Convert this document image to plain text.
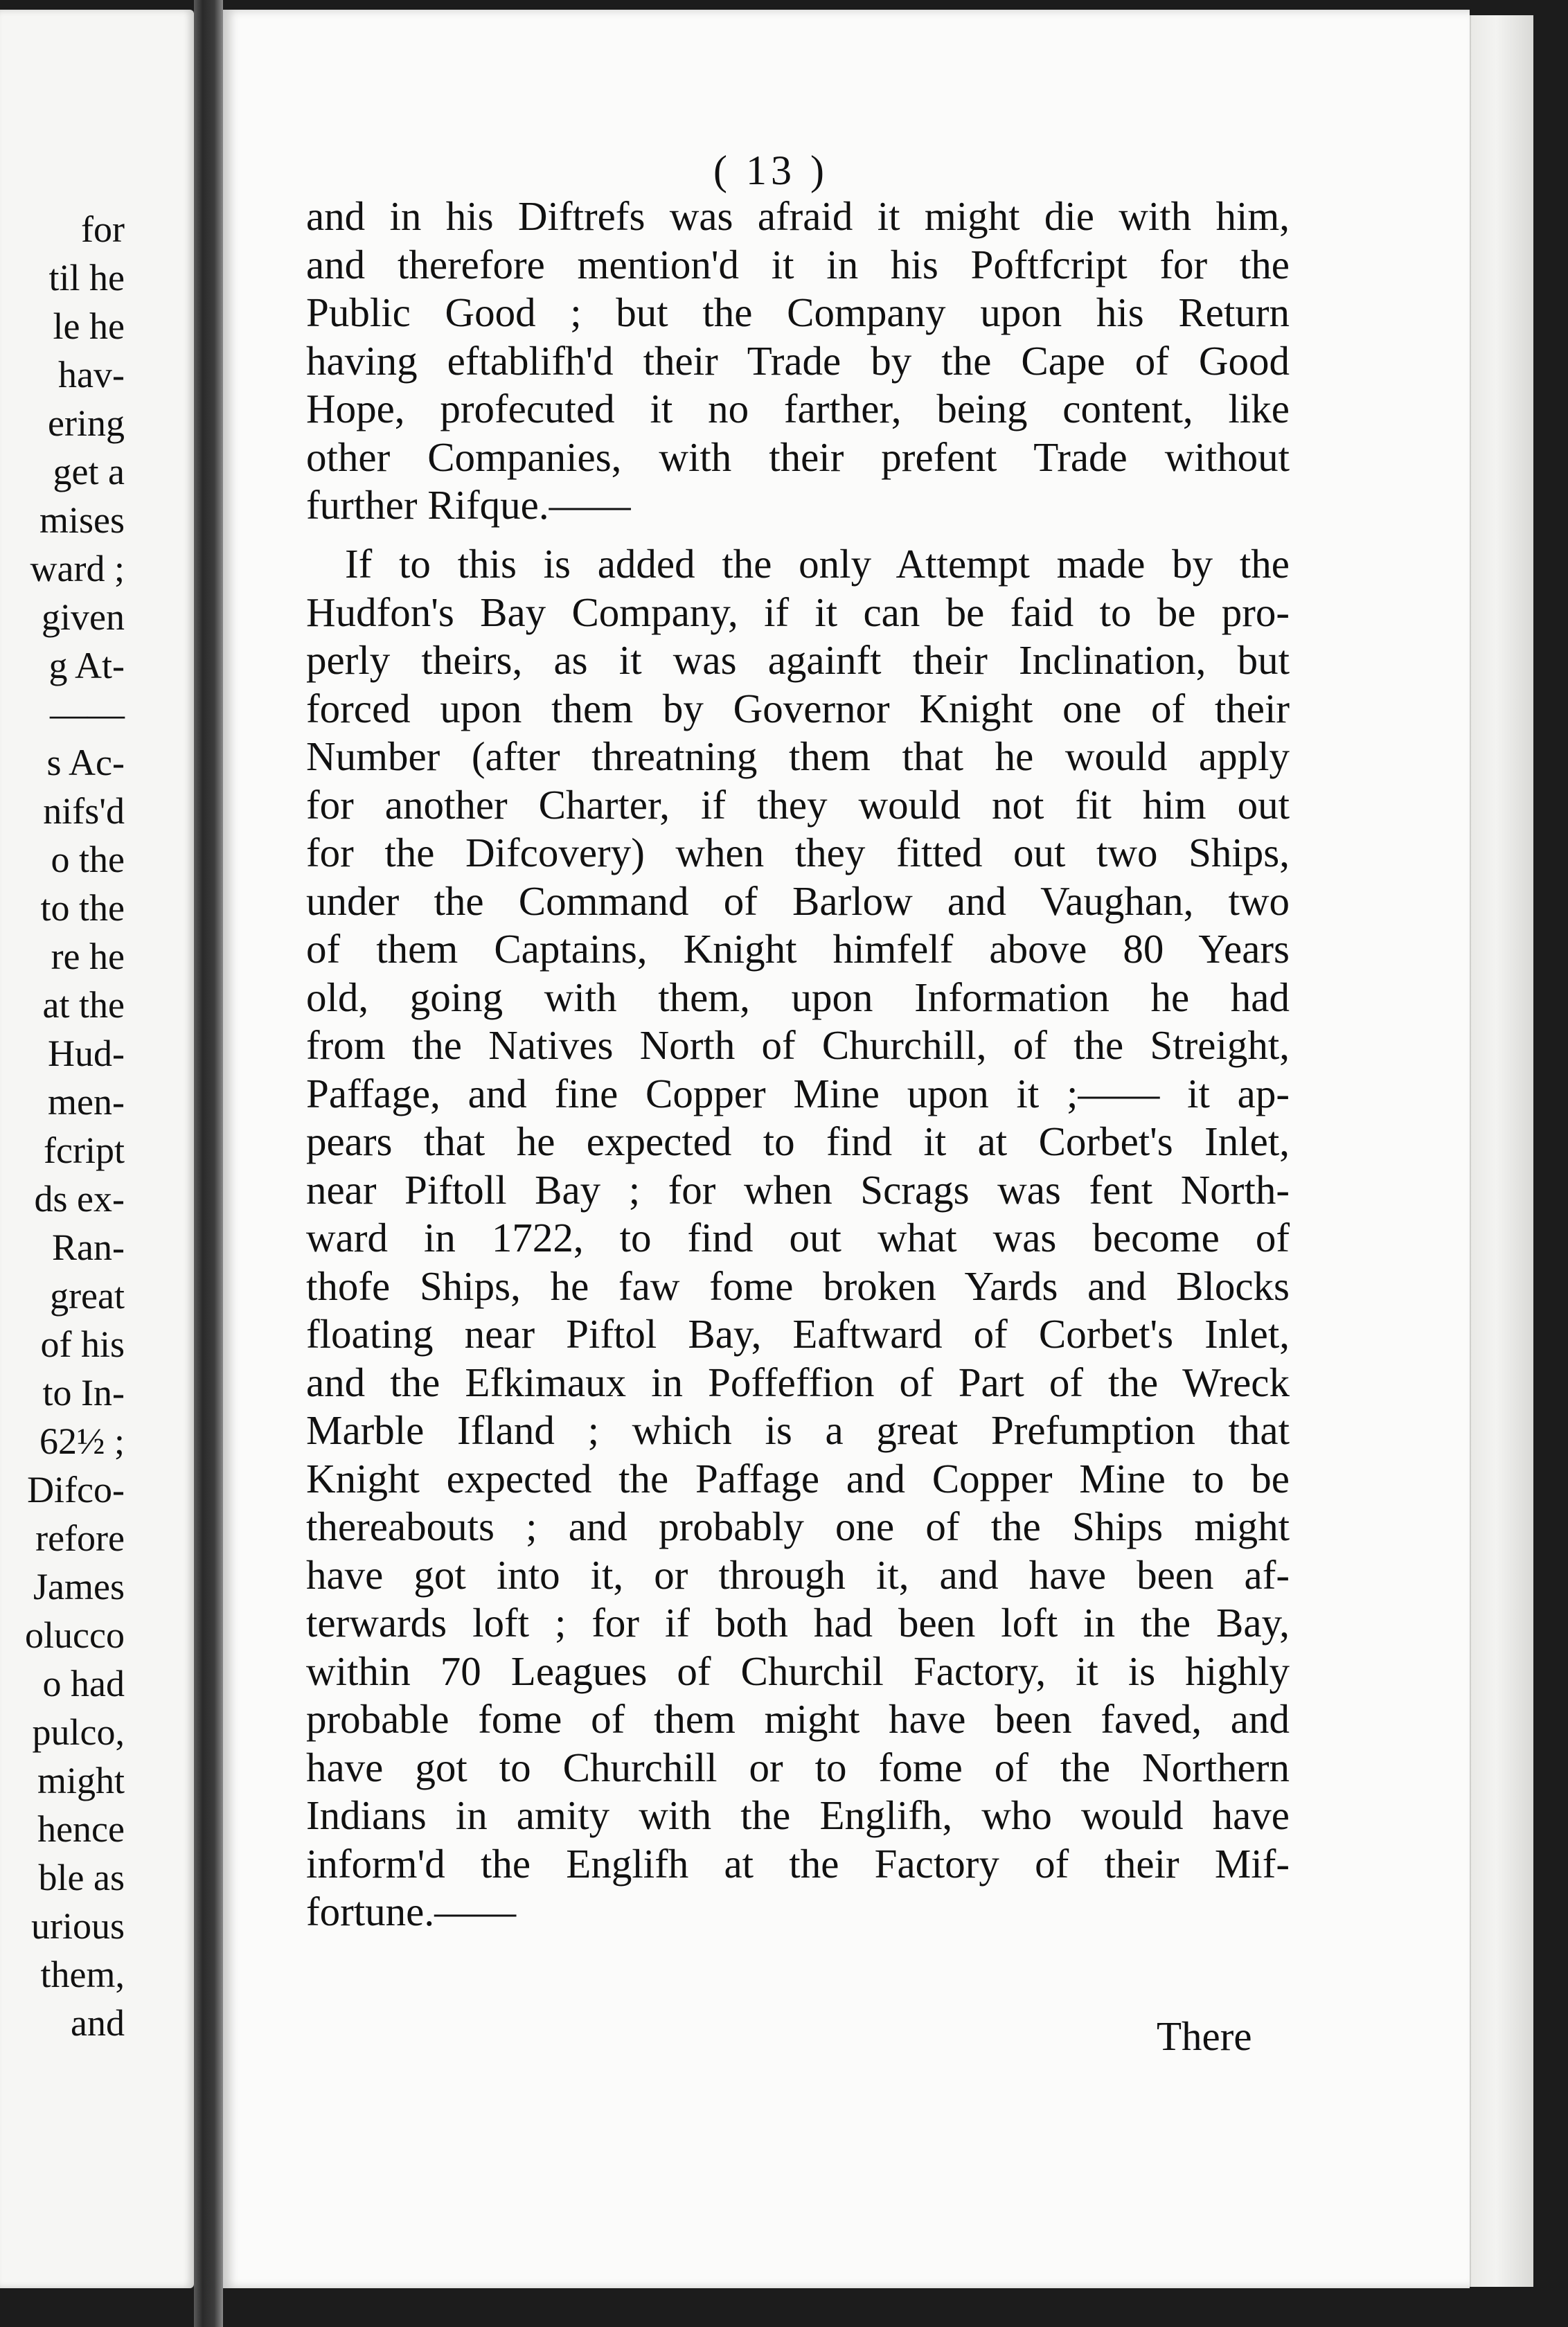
for
til he
le he
hav-
ering
get a
mises
ward ;
given
g At-
——
s Ac-
nifs'd
o the
to the
re he
at the
Hud-
men-
fcript
ds ex-
Ran-
great
of his
to In-
62½ ;
Difco-
refore
James
olucco
o had
pulco,
might
hence
ble as
urious
them,
and
( 13 )
and in his Diftrefs was afraid it might die with him,
and therefore mention'd it in his Poftfcript for the
Public Good ; but the Company upon his Return
having eftablifh'd their Trade by the Cape of Good
Hope, profecuted it no farther, being content, like
other Companies, with their prefent Trade without
further Rifque.——
If to this is added the only Attempt made by the
Hudfon's Bay Company, if it can be faid to be pro-
perly theirs, as it was againft their Inclination, but
forced upon them by Governor Knight one of their
Number (after threatning them that he would apply
for another Charter, if they would not fit him out
for the Difcovery) when they fitted out two Ships,
under the Command of Barlow and Vaughan, two
of them Captains, Knight himfelf above 80 Years
old, going with them, upon Information he had
from the Natives North of Churchill, of the Streight,
Paffage, and fine Copper Mine upon it ;—— it ap-
pears that he expected to find it at Corbet's Inlet,
near Piftoll Bay ; for when Scrags was fent North-
ward in 1722, to find out what was become of
thofe Ships, he faw fome broken Yards and Blocks
floating near Piftol Bay, Eaftward of Corbet's Inlet,
and the Efkimaux in Poffeffion of Part of the Wreck
Marble Ifland ; which is a great Prefumption that
Knight expected the Paffage and Copper Mine to be
thereabouts ; and probably one of the Ships might
have got into it, or through it, and have been af-
terwards loft ; for if both had been loft in the Bay,
within 70 Leagues of Churchil Factory, it is highly
probable fome of them might have been faved, and
have got to Churchill or to fome of the Northern
Indians in amity with the Englifh, who would have
inform'd the Englifh at the Factory of their Mif-
fortune.——
There
